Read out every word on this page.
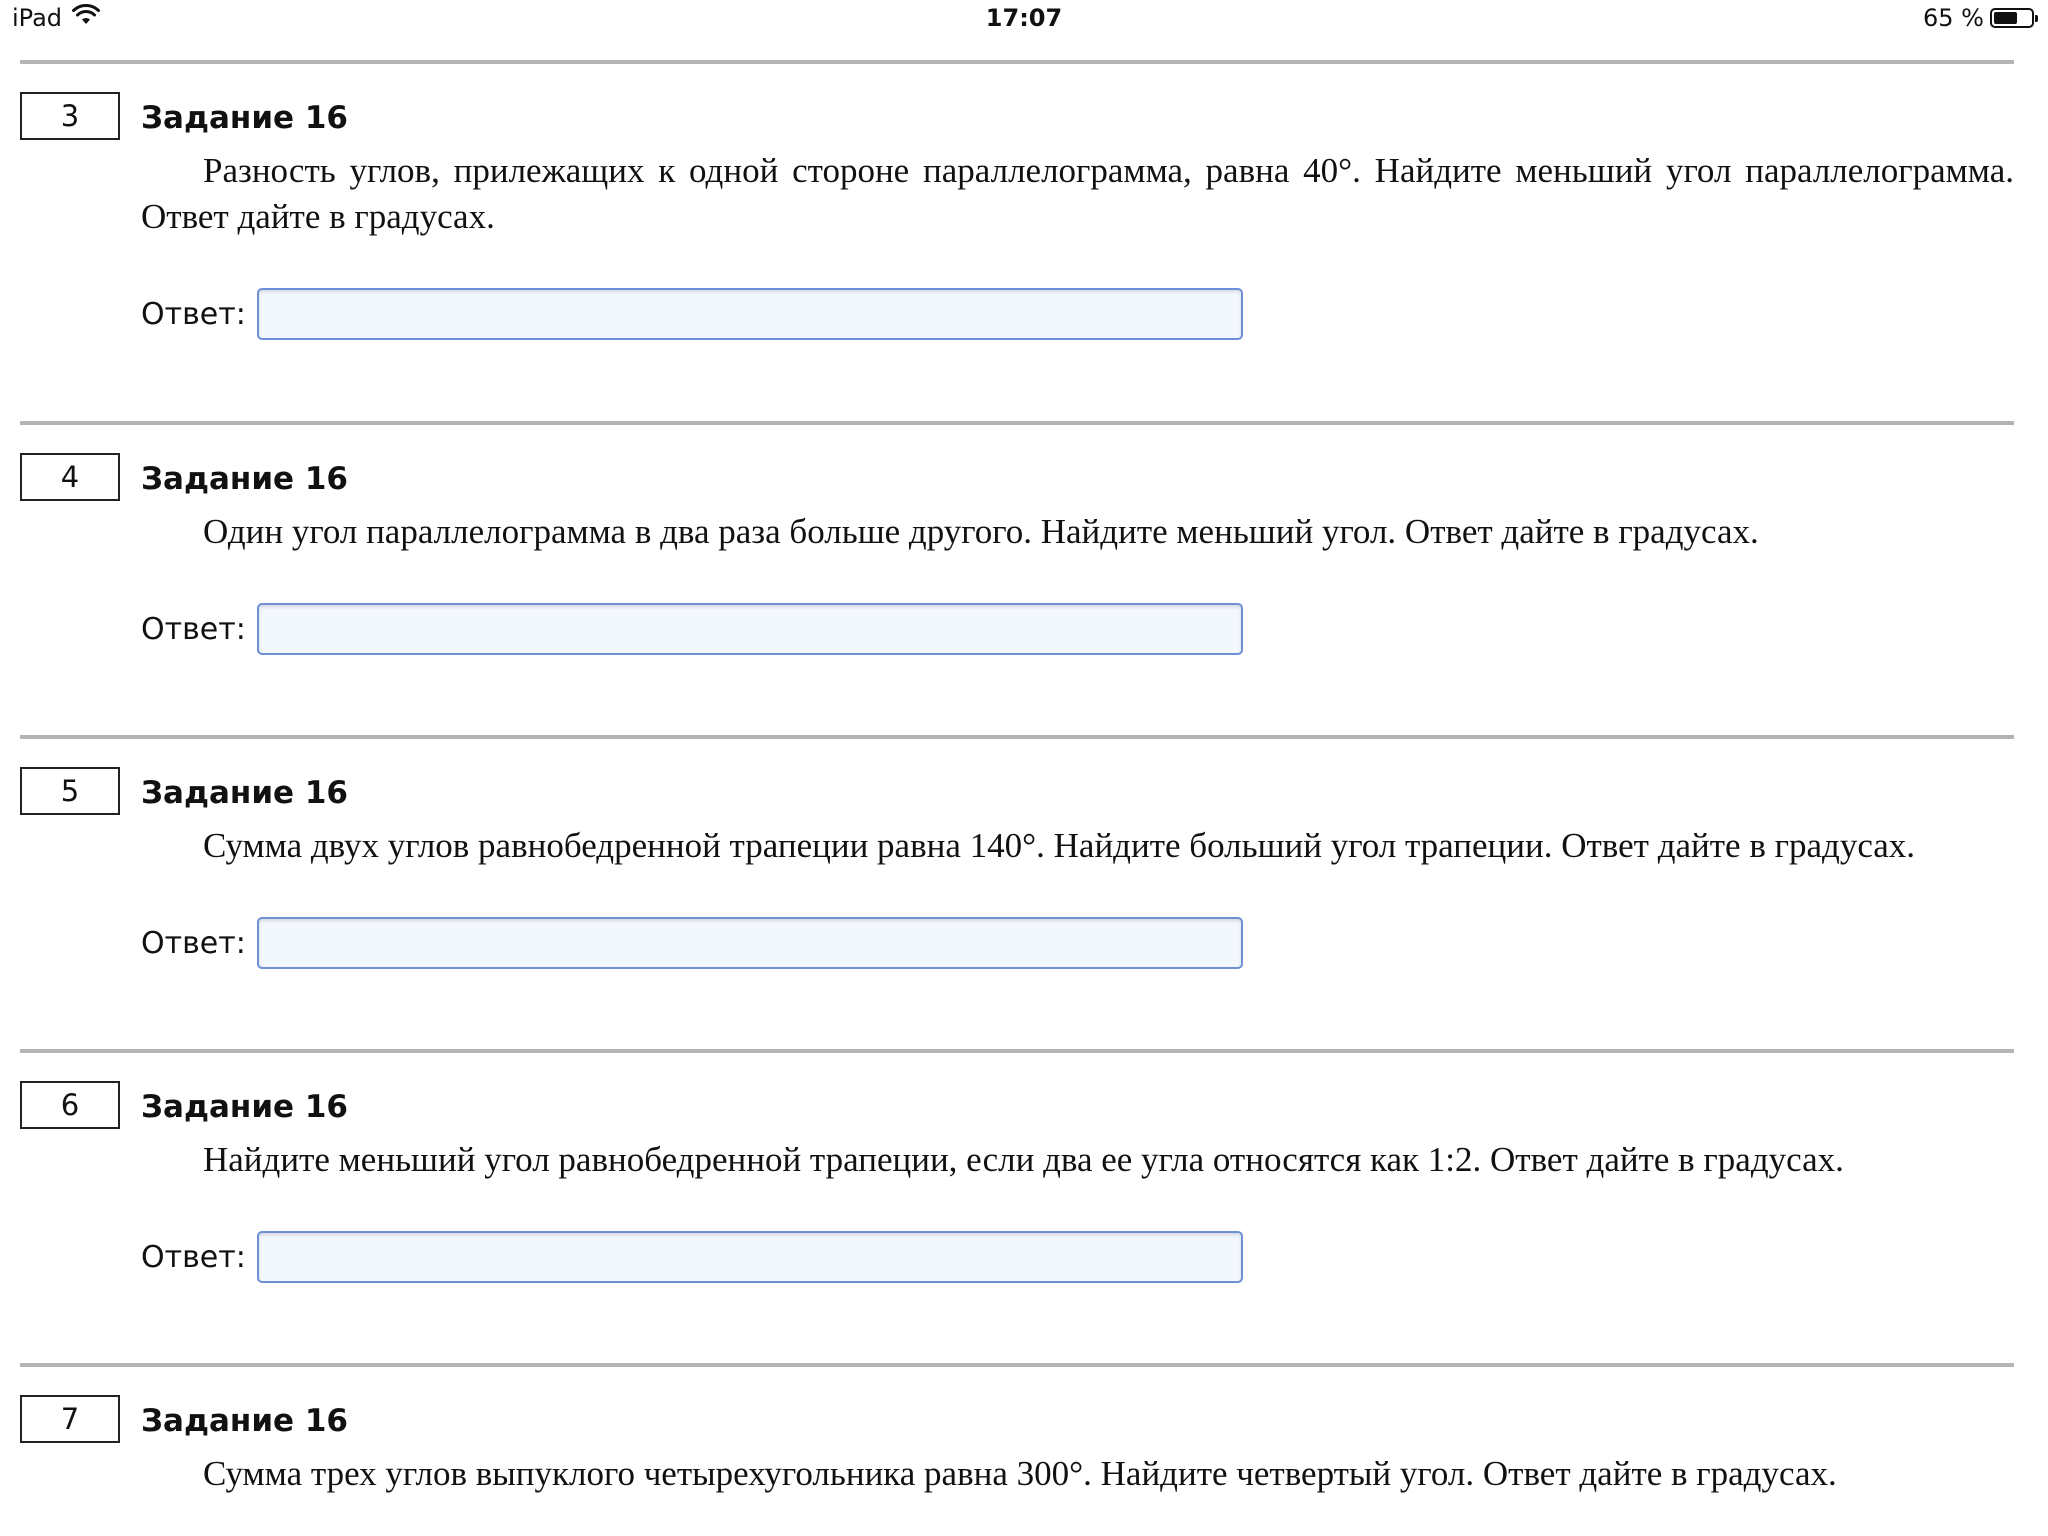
iPad	17:07	65 %
3	Задание 16
Разность углов, прилежащих к одной стороне параллелограмма, равна 40°. Найдите меньший угол параллелограмма. Ответ дайте в градусах.
Ответ:
4	Задание 16
Один угол параллелограмма в два раза больше другого. Найдите меньший угол. Ответ дайте в градусах.
Ответ:
5	Задание 16
Сумма двух углов равнобедренной трапеции равна 140°. Найдите больший угол трапеции. Ответ дайте в градусах.
Ответ:
6	Задание 16
Найдите меньший угол равнобедренной трапеции, если два ее угла относятся как 1:2. Ответ дайте в градусах.
Ответ:
7	Задание 16
Сумма трех углов выпуклого четырехугольника равна 300°. Найдите четвертый угол. Ответ дайте в градусах.
